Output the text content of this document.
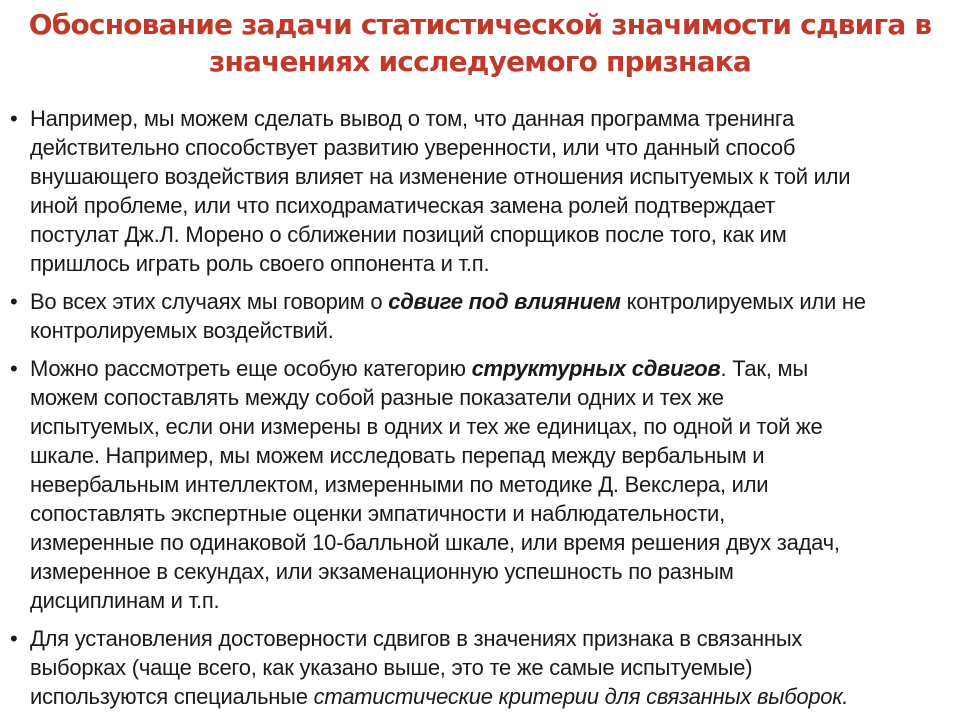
Обоснование задачи статистической значимости сдвига в
значениях исследуемого признака
• Например, мы можем сделать вывод о том, что данная программа тренинга
действительно способствует развитию уверенности, или что данный способ
внушающего воздействия влияет на изменение отношения испытуемых к той или
иной проблеме, или что психодраматическая замена ролей подтверждает
постулат Дж.Л. Морено о сближении позиций спорщиков после того, как им
пришлось играть роль своего оппонента и т.п.
• Во всех этих случаях мы говорим о сдвиге под влиянием контролируемых или не
контролируемых воздействий.
• Можно рассмотреть еще особую категорию структурных сдвигов. Так, мы
можем сопоставлять между собой разные показатели одних и тех же
испытуемых, если они измерены в одних и тех же единицах, по одной и той же
шкале. Например, мы можем исследовать перепад между вербальным и
невербальным интеллектом, измеренными по методике Д. Векслера, или
сопоставлять экспертные оценки эмпатичности и наблюдательности,
измеренные по одинаковой 10-балльной шкале, или время решения двух задач,
измеренное в секундах, или экзаменационную успешность по разным
дисциплинам и т.п.
• Для установления достоверности сдвигов в значениях признака в связанных
выборках (чаще всего, как указано выше, это те же самые испытуемые)
используются специальные статистические критерии для связанных выборок.
